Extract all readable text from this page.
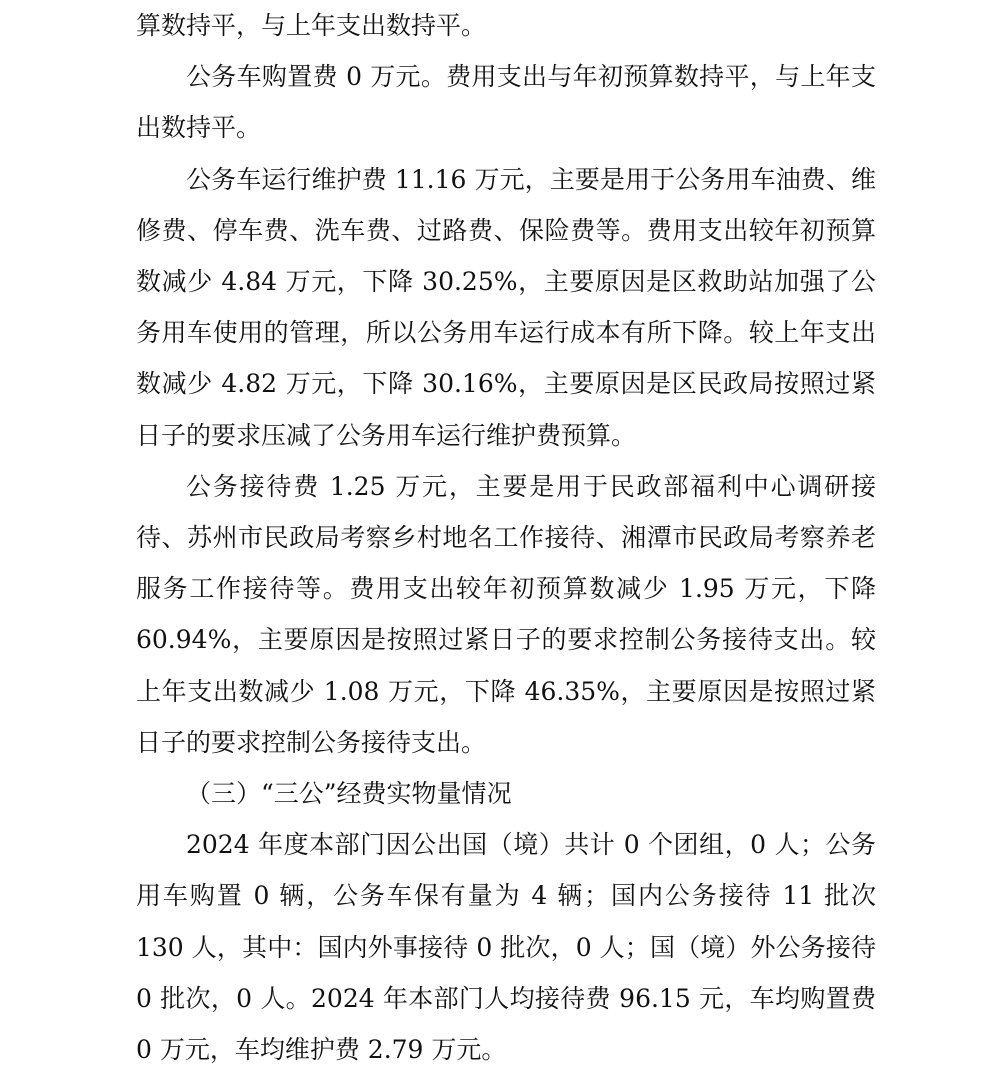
算数持平，与上年支出数持平。

公务车购置费 0 万元。费用支出与年初预算数持平，与上年支出数持平。

公务车运行维护费 11.16 万元，主要是用于公务用车油费、维修费、停车费、洗车费、过路费、保险费等。费用支出较年初预算数减少 4.84 万元，下降 30.25%，主要原因是区救助站加强了公务用车使用的管理，所以公务用车运行成本有所下降。较上年支出数减少 4.82 万元，下降 30.16%，主要原因是区民政局按照过紧日子的要求压减了公务用车运行维护费预算。

公务接待费 1.25 万元，主要是用于民政部福利中心调研接待、苏州市民政局考察乡村地名工作接待、湘潭市民政局考察养老服务工作接待等。费用支出较年初预算数减少 1.95 万元，下降 60.94%，主要原因是按照过紧日子的要求控制公务接待支出。较上年支出数减少 1.08 万元，下降 46.35%，主要原因是按照过紧日子的要求控制公务接待支出。

（三）“三公”经费实物量情况

2024 年度本部门因公出国（境）共计 0 个团组，0 人；公务用车购置 0 辆，公务车保有量为 4 辆；国内公务接待 11 批次 130 人，其中：国内外事接待 0 批次，0 人；国（境）外公务接待 0 批次，0 人。2024 年本部门人均接待费 96.15 元，车均购置费 0 万元，车均维护费 2.79 万元。
